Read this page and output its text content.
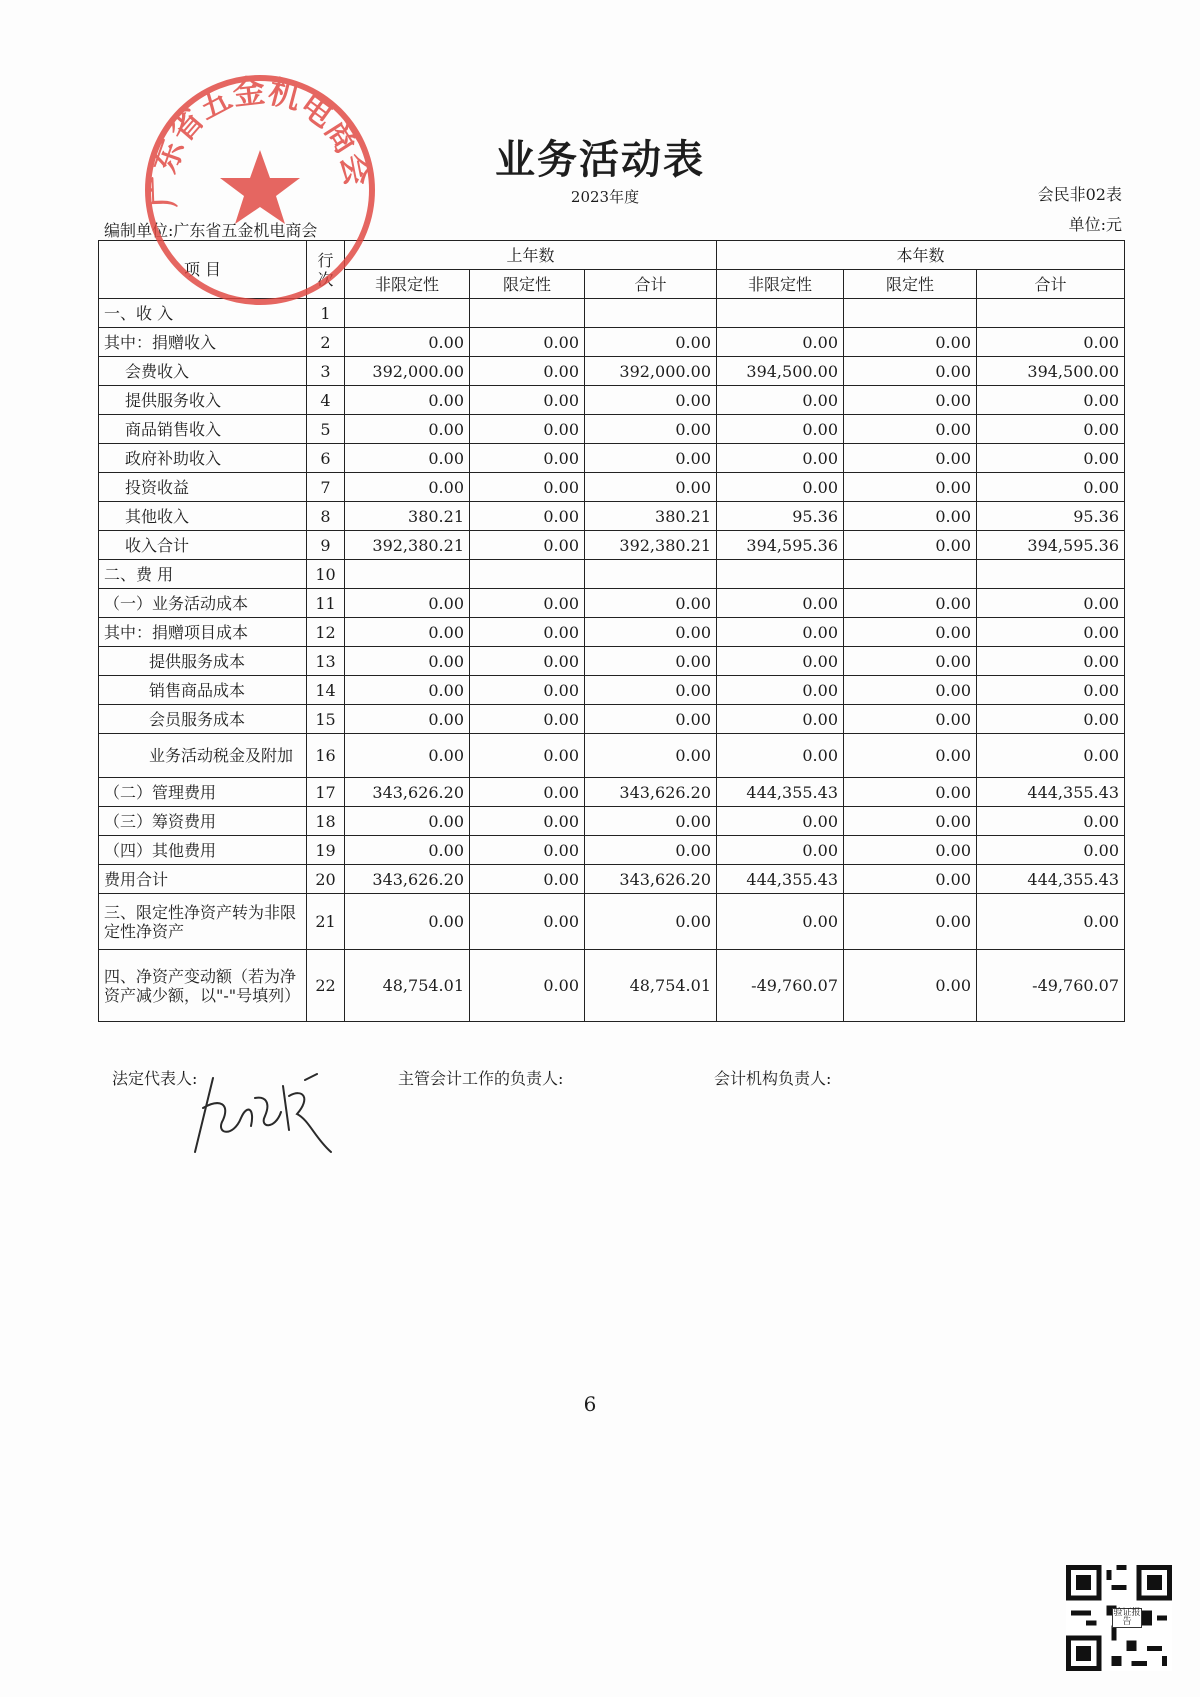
业务活动表
2023年度	会民非02表
单位:元
编制单位:广东省五金机电商会
项 目	行次	上年数			本年数		
		非限定性	限定性	合计	非限定性	限定性	合计
一、收 入	1						
其中：捐赠收入	2	0.00	0.00	0.00	0.00	0.00	0.00
会费收入	3	392,000.00	0.00	392,000.00	394,500.00	0.00	394,500.00
提供服务收入	4	0.00	0.00	0.00	0.00	0.00	0.00
商品销售收入	5	0.00	0.00	0.00	0.00	0.00	0.00
政府补助收入	6	0.00	0.00	0.00	0.00	0.00	0.00
投资收益	7	0.00	0.00	0.00	0.00	0.00	0.00
其他收入	8	380.21	0.00	380.21	95.36	0.00	95.36
收入合计	9	392,380.21	0.00	392,380.21	394,595.36	0.00	394,595.36
二、费 用	10						
（一）业务活动成本	11	0.00	0.00	0.00	0.00	0.00	0.00
其中：捐赠项目成本	12	0.00	0.00	0.00	0.00	0.00	0.00
提供服务成本	13	0.00	0.00	0.00	0.00	0.00	0.00
销售商品成本	14	0.00	0.00	0.00	0.00	0.00	0.00
会员服务成本	15	0.00	0.00	0.00	0.00	0.00	0.00
业务活动税金及附加	16	0.00	0.00	0.00	0.00	0.00	0.00
（二）管理费用	17	343,626.20	0.00	343,626.20	444,355.43	0.00	444,355.43
（三）筹资费用	18	0.00	0.00	0.00	0.00	0.00	0.00
（四）其他费用	19	0.00	0.00	0.00	0.00	0.00	0.00
费用合计	20	343,626.20	0.00	343,626.20	444,355.43	0.00	444,355.43
三、限定性净资产转为非限定性净资产	21	0.00	0.00	0.00	0.00	0.00	0.00
四、净资产变动额（若为净资产减少额，以"-"号填列）	22	48,754.01	0.00	48,754.01	-49,760.07	0.00	-49,760.07
法定代表人:	主管会计工作的负责人:	会计机构负责人:
6
广东省五金机电商会
验证报告
